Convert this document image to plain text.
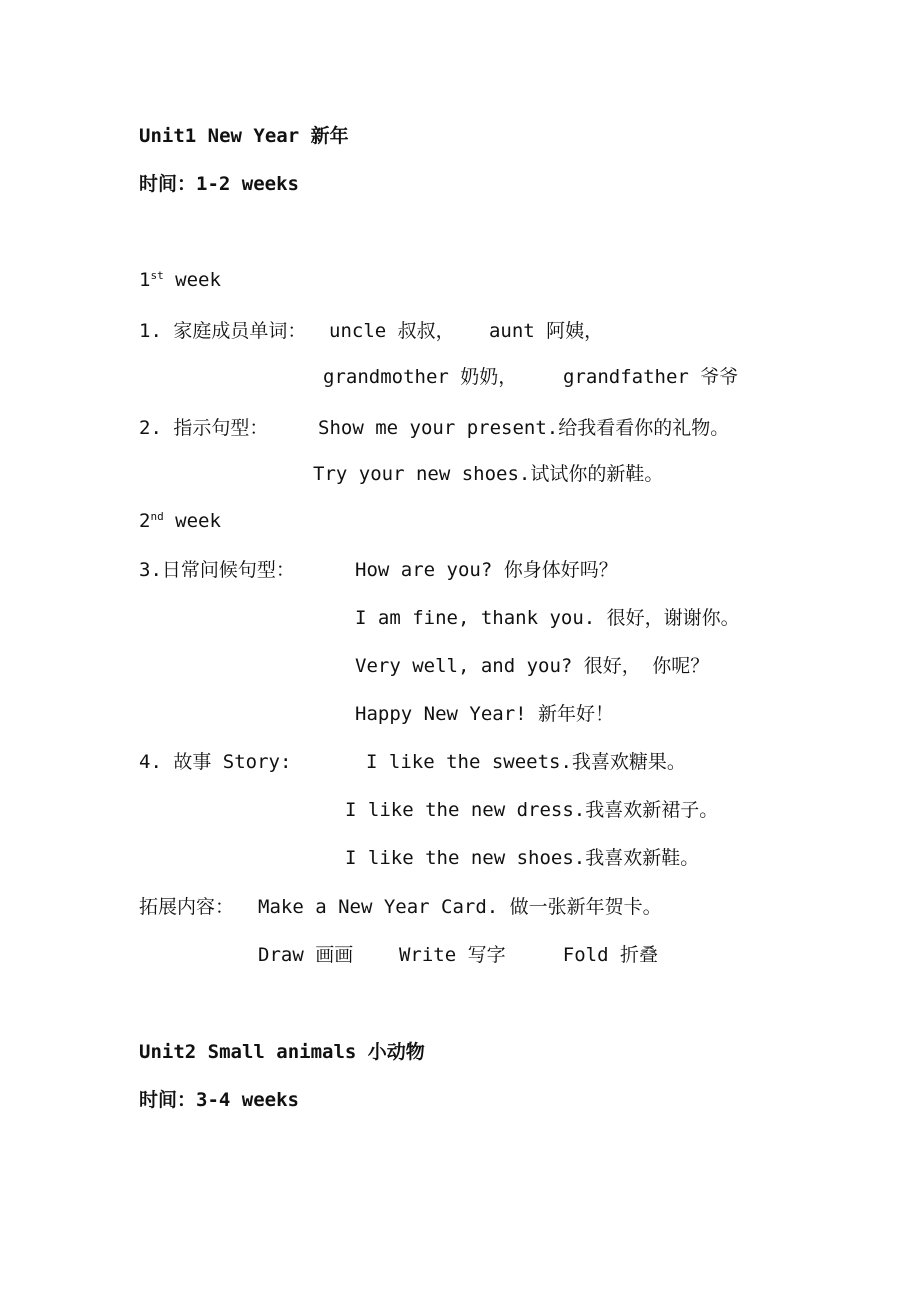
Unit1 New Year 新年
时间：1-2 weeks
1st week
1. 家庭成员单词： uncle 叔叔，   aunt 阿姨，
grandmother 奶奶，    grandfather 爷爷
2. 指示句型：	Show me your present.给我看看你的礼物。
Try your new shoes.试试你的新鞋。
2nd week
3.日常问候句型：	How are you? 你身体好吗？
I am fine, thank you. 很好，谢谢你。
Very well, and you? 很好， 你呢？
Happy New Year! 新年好！
4. 故事 Story:	I like the sweets.我喜欢糖果。
I like the new dress.我喜欢新裙子。
I like the new shoes.我喜欢新鞋。
拓展内容： Make a New Year Card. 做一张新年贺卡。
Draw 画画    Write 写字     Fold 折叠
Unit2 Small animals 小动物
时间：3-4 weeks
